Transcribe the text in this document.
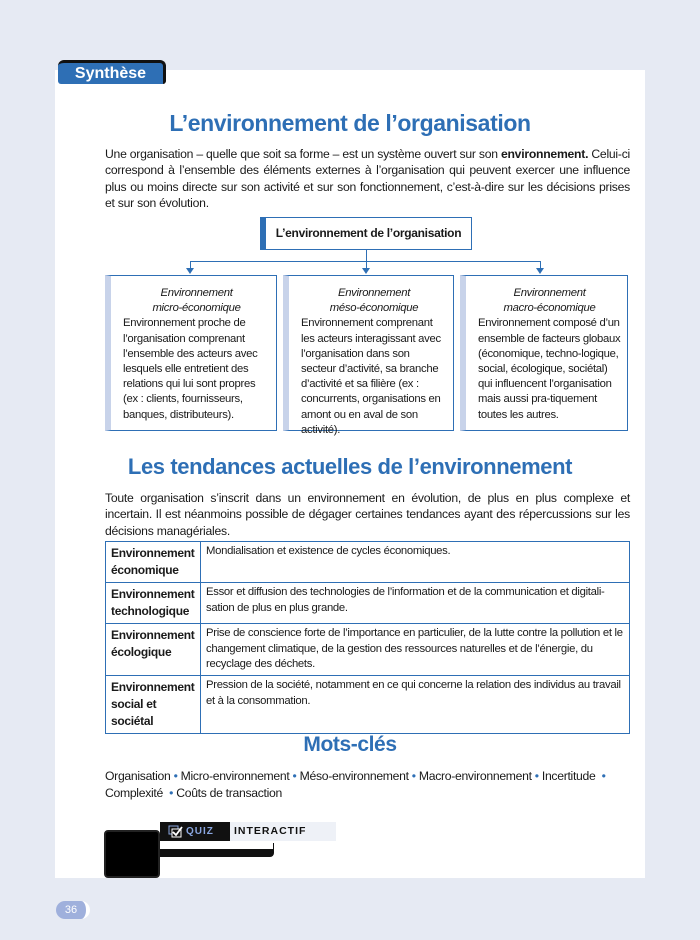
Synthèse
L’environnement de l’organisation
Une organisation – quelle que soit sa forme – est un système ouvert sur son environnement. Celui-ci correspond à l’ensemble des éléments externes à l’organisation qui peuvent exercer une influence plus ou moins directe sur son activité et sur son fonctionnement, c’est-à-dire sur les décisions prises et sur son évolution.
L’environnement de l’organisation
Environnement
micro-économique
Environnement proche de l’organisation comprenant l’ensemble des acteurs avec lesquels elle entretient des relations qui lui sont propres (ex : clients, fournisseurs, banques, distributeurs).
Environnement
méso-économique
Environnement comprenant les acteurs interagissant avec l’organisation dans son secteur d’activité, sa branche d’activité et sa filière (ex : concurrents, organisations en amont ou en aval de son activité).
Environnement
macro-économique
Environnement composé d’un ensemble de facteurs globaux (économique, techno-logique, social, écologique, sociétal) qui influencent l’organisation mais aussi pra-tiquement toutes les autres.
Les tendances actuelles de l’environnement
Toute organisation s’inscrit dans un environnement en évolution, de plus en plus complexe et incertain. Il est néanmoins possible de dégager certaines tendances ayant des répercussions sur les décisions managériales.
Environnement économique	Mondialisation et existence de cycles économiques.
Environnement technologique	Essor et diffusion des technologies de l’information et de la communication et digitali-sation de plus en plus grande.
Environnement écologique	Prise de conscience forte de l’importance en particulier, de la lutte contre la pollution et le changement climatique, de la gestion des ressources naturelles et de l’énergie, du recyclage des déchets.
Environnement social et sociétal	Pression de la société, notamment en ce qui concerne la relation des individus au travail et à la consommation.
Mots-clés
Organisation • Micro-environnement • Méso-environnement • Macro-environnement • Incertitude •
Complexité • Coûts de transaction
QUIZ	INTERACTIF
36
